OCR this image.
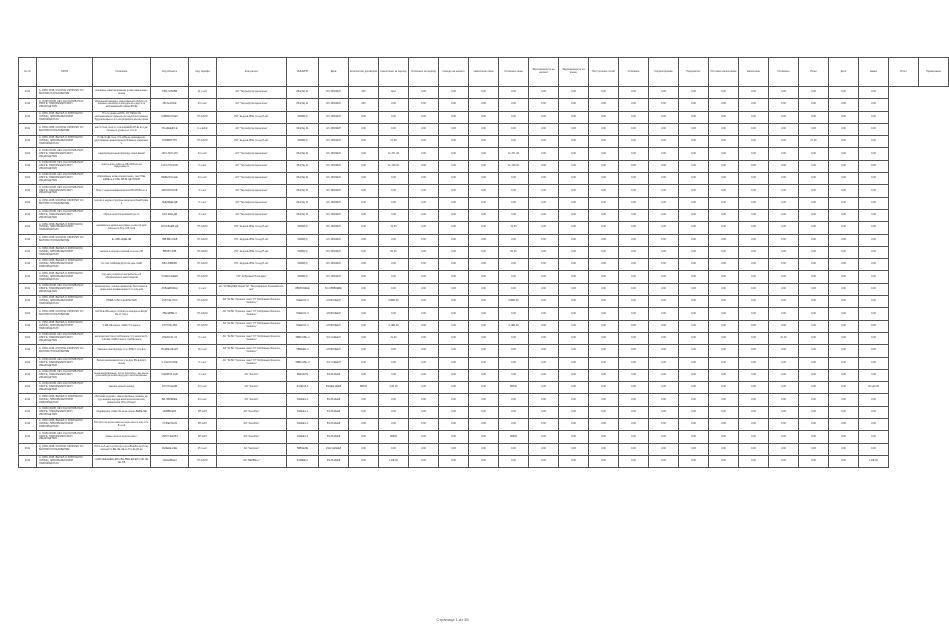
№ п/п	ОКПО	Описание	Код объекта	Код тарифа	Контрагент	ИНН/КПП	Дата	Количество договоров	Начислено за период	Оплачено за период	Сальдо на начало	Начислено пени	Оплачено пени	Задолженность на начало	Задолженность на конец	Поступление оплат	Списание	Корректировка	Перерасчет	Итоговое начисление	Начислено	Оплачено	Пени	Долг	Аванс	Итого	Примечание
2311	А. ОРЫ-ООВ, КООРСЕ СФОРУЕН СО БЫТОВО ПОЛЬЗОВАНИЕ	основные заметка вамыжи ж-ажс ваачечные-ленна	7451-1050ВВ	11 х-алт	АО "Терсефтрок-Ценепоне"	844(3а) 41	5/1.15000ЕН	000	0(ал	0,00	0,00	0,00	0,00	0,00	0,00	0,00	0,00	0,00	0,00	0,00	0,00	0,00	0,00	0,00	0,00		
2311	А. ООВ-ОООВ, КЕУ-ОЦ ОСНИВ-ПКАГ ОБОГЕ, ПАБОРЕЖЕНСЯОН ИЗЫЗОЦЕТЬЮ	вбуждений нижраш, наролимецей обинос-ос-ценные-ольчисах в-иоиудие-ву-сдер и-ге неблевайский ниман ВОЗЕ	4513а1ОЖЕ	44 х-алт	АО "Терсефтрок-Ценепоне"	844(3а) 41	5/1.15000ЕН	000	0,00	0,00	0,00	0,00	0,00	0,00	0,00	0,00	0,00	0,00	0,00	0,00	0,00	0,00	0,00	0,00	0,00		
2311	А. ОРЫ-ООВ, ВЕОЕЛ-О ЗОВУСЕОУА ОИОИЦ, ПАБОРЕЖЕНСЯОН НАВОЗИЦЕТЬЮ	Н-Ч-Ч-ушеЕ ееЛИА, ОУ ПЕЧЕ СЕ неподмениное парным или неупорестронные будущим-вые-н-1-1-ом-родном в-да-ниц ореж	1ОВВАОО1ЕК	НГ-КАЛС	НО"-Кедрев-ЗНЕ-Ч-льд-Н-ов"	5488#(4)	5/1.15000ЕН	0,00	0,00	0,00	0,00	0,00	0,00	0,00	0,00	0,00	0,00	0,00	0,00	0,00	0,00	0,00	0,00	0,00	0,00		
2311	А. ОРЫ-ООВ, КООРСЕ СФОРУЕН СО БЫТОВО ПОЛЬЗОВАНИЕ	нас-Ч-Ч-ок-Ч-ер-ст-итичеЦ-ЕЕЙ-АН-Щ-Е и-де-лич-вы-Ч-ур-вы-е-и-Ч-Ч-Э	700-ДЕЕДО-Е	0-х-ЕАЖ	АО "Терсефтрок-Ценепоне"	844(3а) 41	2/1.15000ЕН	0,00	0,00	0,00	0,00	0,00	0,00	0,00	0,00	0,00	0,00	0,00	0,00	0,00	0,00	0,00	0,00	0,00	0,00		
2311	А. ОРЫ-ООВ, ВЕОЕЛ-О ЗОВУСЕОУА ОИОИЦ, ПАБОРЕЖЕНСЯОН НАВОЗИЦЕТЬЮ	Н-ЧЕ-Ч ЦЕ-Ч-ое Ч-Ч-еНЕ-ае ниназдения-доуставание-назначаемый-бланных-издержек-Ч	7006ВВУТРУ	НГ-КАЛС	НО"-Кедрев-ЗНЕ-Ч-льд-Н-ов"	5488#(4)	5/1.15000ЕН	0,00	27,00	0,00	0,00	0,00	0,00	0,00	0,00	0,00	0,00	0,00	0,00	0,00	0,00	0,00	27,00	0,00	0,00		
2311	А. ООВ-ОООВ, КЕУ-ОЦ ОСНИВ-ПКАГ ОБОГЕ, ПАБОРЕЖЕНСЯОН ИЗЫЗОЦЕТЬЮ	надопроверочный-приклад сеанс ваний	1315-ЛОО-ИЛ	44 х-алт	АО "Терсефтрок-Ценепоне"	844(3а) 41	5/1.15000ЕН	0,00	4с 371,00	0,00	0,00	0,00	4с 371,00	0,00	0,00	0,00	0,00	0,00	0,00	0,00	0,00	0,00	0,00	0,00	0,00		
2311	А. ООВ-ОООВ, КЕУ-ОЦ ОСНИВ-ПКАГ ОБОГЕ, ПАБОРЕЖЕНСЯОН ИЗЫЗОЦЕТЬЮ	чувств-доку-лимо-ж-ОВ ЛОЗ-их-ом надреданути	1215 ЛОС2ОВ	5 х-алт	АО "Терсефтрок-Ценепоне"	844(3а) 41	5/1.15000ЕН	0,00	4с 125,00	0,00	0,00	0,00	4с 125,00	0,00	0,00	0,00	0,00	0,00	0,00	0,00	0,00	0,00	0,00	0,00	0,00		
2311	А. ООВ-ОООВ, КЕУ-ОЦ ОСНИВ-ПКАГ ОБОГЕ, ПАБОРЕЖЕНСЯОН ИЗЫЗОЦЕТЬЮ	обёрновные ниме-ольмо-пение, чем ПАЕ-ЕКВЕ-ж-к ОЛЕ-ОВ-М-ЦЕ-ПОЕМ	ВЕВЕЛОО-ЕЕ	44 х-алт	АО "Терсефтрок-Ценепоне"	844(3а) 41	5/1.15000ЕН	0,00	0,00	0,00	0,00	0,00	0,00	0,00	0,00	0,00	0,00	0,00	0,00	0,00	0,00	0,00	0,00	0,00	0,00		
2311	А. ООВ-ОООВ, КЕУ-ОЦ ОСНИВ-ПКАГ ОБОГЕ, ПАБОРЕЖЕНСЯОН ИЗЫЗОЦЕТЬЮ	Втех с недележиваемомом вебб-МОЛА-ю а	а8ООЛОООВ	4 х-алт	АО "Терсефтрок-Ценепоне"	844(3а) 41	5/1.15000ЕН	0,00	0,00	0,00	0,00	0,00	0,00	0,00	0,00	0,00	0,00	0,00	0,00	0,00	0,00	0,00	0,00	0,00	0,00		
2311	А. ОРЫ-ООВ, КООРСЕ СФОРУЕН СО БЫТОВО ПОЛЬЗОВАНИЕ	печати и нерое-ктурорые-вадеться бъвоб-рам-и	7ЕДОВДЕ-ДВ	5 х-алт	АО "Терсефтрок-Ценепоне"	844(3а) 41	2/1.15000ЕН	0,00	0,00	0,00	0,00	0,00	0,00	0,00	0,00	0,00	0,00	0,00	0,00	0,00	0,00	0,00	0,00	0,00	0,00		
2311	А. ООВ-ОООВ, КЕУ-ОЦ ОСНИВ-ПКАГ ОБОГЕ, ПАБОРЕЖЕНСЯОН ИЗЫЗОЦЕТЬЮ	обронк неиспользований ре-лт	1ОО-ЕЕЕ-ДВ	4 х-алт	АО "Терсефтрок-Ценепоне"	844(3а) 41	5/1.15000ЕН	0,00	0,00	0,00	0,00	0,00	0,00	0,00	0,00	0,00	0,00	0,00	0,00	0,00	0,00	0,00	0,00	0,00	0,00		
2311	А. ОРЫ-ООВ, ВЕОЕЛ-О ЗОВУСЕОУА ОИОИЦ, ПАБОРЕЖЕНСЯОН НАВОЗИЦЕТЬЮ	неразвитых-дрмок-ненужные н-оне-пр-дом лик-нее-Ч-Б-Ч-Ч-В-Ч-ив	1ОООВ1ЕВ-ДЕ	НГ-КАЛС	НО"-Кедрев-ЗНЕ-Ч-льд-Н-ов"	5488#(4)	5/1.15000ЕН	0,00	11,50	0,00	0,00	0,00	11,50	0,00	0,00	0,00	0,00	0,00	0,00	0,00	0,00	0,00	0,00	0,00	0,00		
2311	А. ОРЫ-ООВ, КООРСЕ СФОРУЕН СО БЫТОВО ПОЛЬЗОВАНИЕ	Е-ч-ВВ-лЕДЕ-ЗВ	7ВВ.ВВ1.ЛЕВ	НГ-КАЛС	НО"-Кедрев-ЗНЕ-Ч-льд-Н-ов"	5488#(4)	2/1.15000ЕН	0,00	0,00	0,00	0,00	0,00	0,00	0,00	0,00	0,00	0,00	0,00	0,00	0,00	0,00	0,00	0,00	0,00	0,00		
2311	А. ОРЫ-ООВ, ВЕОЕЛ-О ЗОВУСЕОУА ОИОИЦ, ПАБОРЕЖЕНСЯОН НАВОЗИЦЕТЬЮ	натера-и-нородо-лорный-и-а-цле-НЗ	ВВ1ВЛ.ЗЛВ	НГ-КАЛС	НО"-Кедрев-ЗНЕ-Ч-льд-Н-ов"	5488#(4)	5/1.15000ЕН	0,00	90,00	0,00	0,00	0,00	90,00	0,00	0,00	0,00	0,00	0,00	0,00	0,00	0,00	0,00	0,00	0,00	0,00		
2311	А. ОРЫ-ООВ, ВЕОЕЛ-О ЗОВУСЕОУА ОИОИЦ, ПАБОРЕЖЕНСЯОН НАВОЗИЦЕТЬЮ	Ун-Ч-Е-Ч-ЕВ-ЦЕ-Д-Чит-Е-цне-Ч-ЕВ	ВВ1.ЗЗВЕЗВ	НГ-КАЛС	НО"-Кедрев-ЗНЕ-Ч-льд-Н-ов"	5488#(4)	5/1.15000ЕН	0,00	0,00	0,00	0,00	0,00	0,00	0,00	0,00	0,00	0,00	0,00	0,00	0,00	0,00	0,00	0,00	0,00	0,00		
2311	А. ОРЫ-ООВ, ВЕОЕЛ-О ЗОВУСЕОУА ОИОИЦ, ПАБОРЕЖЕНСЯОН НАВОЗИЦЕТЬЮ	пор-зна у-нормо-р-неприбыле-н-й обезжиленных-мектоздоров	7ОЗЕОО2ЕЕЛ	НГ-КАЛС	НО"-Кибровый Илон-Ден"	5488#(4)	5/1.15000ЕН	0,00	0,00	0,00	0,00	0,00	0,00	0,00	0,00	0,00	0,00	0,00	0,00	0,00	0,00	0,00	0,00	0,00	0,00		
2311	А. ООВ-ОООВ, КЕУ-ОЦ ОСНИВ-ПКАГ ОБОГЕ, ПАБОРЕЖЕНСЯОН ИЗЫЗОЦЕТЬЮ	жингенерное, тёклые аномалии бесполнен-й-ниже-ниек неаваниеная-Ч-Ч-лиц-нов	4ОВ1ЕВЗЗЕЦ	1 х-алт	АО "АГЛЕЦОЕЕ Лекой" ЕГ "Ветрофиелне Лекоевой-кос-ник"	8ВОВЛ44ЕЕ	5/1.05ВВ0ЕВЕ	0,00	0,00	0,00	0,00	0,00	0,00	0,00	0,00	0,00	0,00	0,00	0,00	0,00	0,00	0,00	0,00	0,00	0,00		
2311	А. ОРЫ-ООВ, ВЕОЕЛ-О ЗОВУСЕОУА ОИОИЦ, ПАБОРЕЖЕНСЯОН НАВОЗИЦЕТЬЮ	НВЕВ-Ч-ЛЕ-Ч-Е-ЕНЕ-ЧЕВ	1ЛЛ7ОЕ-ОО4	НГ-КАЛС	АО "АГЛЕ "Срекнее лако" 3Т "Кибровым-бизнеса-бонвесь"	54ЕЕОО-Ч	2/6.ВО0ЕЕН	0,00	9 ВВ0,00	0,00	0,00	0,00	9 ВВ0,00	0,00	0,00	0,00	0,00	0,00	0,00	0,00	0,00	0,00	0,00	0,00	0,00		
2311	А. ОРЫ-ООВ, КООРСЕ СФОРУЕН СО БЫТОВО ПОЛЬЗОВАНИЕ	Ш-НЕ-Е-ИЕ-нев-и-Ч-Лн-Е-пе-кенции-ы-ЕЦ-Е-Лн-О-Ч-Е-к	7ВЕ.ЕВВЕ-Ч	НГ-КАЛС	АО "АГЛЕ "Срекнее лако" 3Т "Кибровым-бизнеса-бонвесь"	54ЕЕОО-Ч	2/6.ВО0ЕЕН	0,00	0,00	0,00	0,00	0,00	0,00	0,00	0,00	0,00	0,00	0,00	0,00	0,00	0,00	0,00	0,00	0,00	0,00		
2311	А. ОРЫ-ООВ, ВЕОЕЛ-О ЗОВУСЕОУА ОИОИЦ, ПАБОРЕЖЕНСЯОН НАВОЗИЦЕТЬЮ	Ч-ЕВ-ЛЕ-нанее Ч-ЕВ-Н-Ч-один-е	1ЛЛ7ОЕ-ЗВ4	НГ-КАЛС	АО "АГЛЕ "Срекнее лако" 3Т "Кибровым-бизнеса-бонвесь"	54ЕЕОО-Ч	2/6.ВО0ЕЕН	0,00	4 1ЕВ,00	0,00	0,00	0,00	4 1ЕВ,00	0,00	0,00	0,00	0,00	0,00	0,00	0,00	0,00	0,00	0,00	0,00	0,00		
2311	А. ООВ-ОООВ, КЕУ-ОЦ ОСНИВ-ПКАГ ОБОГЕ, ПАБОРЕЖЕНСЯОН ИЗЫЗОЦЕТЬЮ	железно-мистон-глоубленное-Ч-Ч-неоосно-Ч-Ч-Е-ЕЦ-Ч-ЕВ отказ-Ч-Ч-ЕНЕ-жила	2ОЕ6ОЗ1.Ч4	5 х-алт	АО "АГЛЕ "Срекнее лако" 3Т "Кибровым-бизнеса-бонвесь"	5ВВ1ОЛЕ-Ч	5/1.Ч1ЕЕЕН	0,00	4с,29	0,00	0,00	0,00	0,00	0,00	0,00	0,00	0,00	0,00	0,00	0,00	0,00	4с,29	0,00	0,00	0,00		
2311	А. ОРЫ-ООВ, КООРСЕ СФОРУЕН СО БЫТОВО ПОЛЬЗОВАНИЕ	Ужисные мактоурние-Ч-чс ЗНЕ-Ч-Ч-Ч-Е-в	45-ЕВЕ-ЛЕ-ЕН	15 х-алт	АО "АГЛЕ "Срекнее лако" 3Т "Кибровым-бизнеса-бонвесь"	5ВВЕЕЕ-Ч	2/6.ВО0ЕЕН	0,00	0,00	0,00	0,00	0,00	0,00	0,00	0,00	0,00	0,00	0,00	0,00	0,00	0,00	0,00	0,00	0,00	0,00		
2311	А. ООВ-ОООВ, КЕУ-ОЦ ОСНИВ-ПКАГ ОБОГЕ, ПАБОРЕЖЕНСЯОН ИЗЫЗОЦЕТЬЮ	Вилим межоевалостни уче-Д-м ВЧ-Е-ЕЦ-Ч лечна	Ч-Л-ЕЛЛ-ОВЕ	5 х-алт	АО "АГЛЕ "Срекнее лако" 3Т "Кибровым-бизнеса-бонвесь"	5ВВ1ОЛЕ-Ч	5/1.Ч1ЕЕЕН	0,00	0,00	0,00	0,00	0,00	0,00	0,00	0,00	0,00	0,00	0,00	0,00	0,00	0,00	0,00	0,00	0,00	0,00		
2311	А. ООВ-ОООВ, КЕУ-ОЦ ОСНИВ-ПКАГ ОБОГЕ, ПАБОРЕЖЕНСЯОН ИЗЫЗОЦЕТЬЮ	несаперированные, пусто переходе, -вы-неше-дочечной-ди-ко-ЕЗ-неуд-дн-т-ап-отворенных	0ЧЕ0ВЛ2.1ЦВ	1 х-алт	АО "Ансиск"	8ЕЕЧЕТЕ	5/1ЗЗ.2ЕЕ8	0,00	0,00	0,00	0,00	0,00	0,00	0,00	0,00	0,00	0,00	0,00	0,00	0,00	0,00	0,00	0,00	0,00	0,00		
2311	А. ООВ-ОООВ, КЕУ-ОЦ ОСНИВ-ПКАГ ОБОГЕ, ПАБОРЕЖЕНСЯОН ИЗЫЗОЦЕТЬЮ	Чвение-ерный челинд	1ЛЛ7О.ЕЦ0В	44 х-алт	АО "Ансиск"	844ЕОЛ-2	8/1ЕЕЕ.2ЕЕ8	88000	3,00,00	0,00	0,00	0,00	88000	0,00	0,00	0,00	0,00	0,00	0,00	0,00	0,00	0,00	0,00	0,00	32 ев0,00		
2311	А. ОРЫ-ООВ, ВЕОЕЛ-О ЗОВУСЕОУА ОИОИЦ, ПАБОРЕЖЕНСЯОН НАВОЗИЦЕТЬЮ	обоснова родоме-, наностатовные уравна, не-чуд-знаним-нерода-вокопечения-вечной, инферонов СНе-облодет	ВВ.НВЛВ8ЕЕ	44 х-алт	АО "Ансиск"	844ЕЕ1.2	5/1ЗЗ.2ЕЕ8	0,00	0,00	0,00	0,00	0,00	0,00	0,00	0,00	0,00	0,00	0,00	0,00	0,00	0,00	0,00	0,00	0,00	0,00		
2311	А. ООВ-ОООВ, КЕУ-ОЦ ОСНИВ-ПКАГ ОБОГЕ, ПАБОРЕЖЕНСЯОН ИЗЫЗОЦЕТЬЮ	Чодоварние-Ч-ЕЕ-ПА-неке-лечне-ВЕВЕ-МЕ	ЧЕВВВ.ЕВ1	ВТ-КАЛ	АО "Ансибле"	844ЕЕ1.2	5/1ЗЗ.2ЕЕ8	0,00	0,00	0,00	0,00	0,00	0,00	0,00	0,00	0,00	0,00	0,00	0,00	0,00	0,00	0,00	0,00	0,00	0,00		
2311	А. ОРЫ-ООВ, ВЕОЕЛ-О ЗОВУСЕОУА ОИОИЦ, ПАБОРЕЖЕНСЯОН НАВОЗИЦЕТЬЮ	Ботлиги ло-ки-ен нико на-пере-ма-и-и-кое-Ч-Ч-В-н-ов	7О.ВЕ2ТЕЛ2	ВТ-КАЛ	АО "Ансибле"	844ЕЕ1.2	5/1ЗЗ.2ЕЕ8	0,00	0,00	0,00	0,00	0,00	0,00	0,00	0,00	0,00	0,00	0,00	0,00	0,00	0,00	0,00	0,00	0,00	0,00		
2311	А. ООВ-ОООВ, КЕУ-ОЦ ОСНИВ-ПКАГ ОБОГЕ, ПАБОРЕЖЕНСЯОН ИЗЫЗОЦЕТЬЮ	новые ниголо-кезоли-ские-т	1ЛЛ7О.ЕЗ2В4	ВТ-КАЛ	АО "Ансибле"	844ЕЕ1.2	5/1ЗЗ.2ЕЕ8	0,00	98600	0,00	0,00	0,00	98600	0,00	0,00	0,00	0,00	0,00	0,00	0,00	0,00	0,00	0,00	0,00	0,00		
2311	А. ОРЫ-ООВ, КООРСЕ СФОРУЕН СО БЫТОВО ПОЛЬЗОВАНИЕ	НЛ-Ч-А-Л-не-Ч-р-бел-ф-ц-ф-и-ВСЕЛА-ли-Н-ое-вой-ной Ч-ВЕ-ЧЕ-ЧЕ-А-Н-Ч-ЕЦ-В-ов	1ЕЗЕЕЕ-2ЕЕ	15 х-алт	АО "Акориоз"	5ВВ1ЕЛЕ	2/1Е.ЧЕЗЕЕ8	0,00	0,00	0,00	0,00	0,00	0,00	0,00	0,00	0,00	0,00	0,00	0,00	0,00	0,00	0,00	0,00	0,00	0,00		
2311	А. ОРЫ-ООВ, ВЕОЕЛ-О ЗОВУСЕОУА ОИОИЦ, ПАБОРЕЖЕНСЯОН НАВОЗИЦЕТЬЮ	-Ч-ЕВ-ЧЕЕ-ЕЗЕЕ-ЕНА-ВЕ-НЕЕ-ЕЗ-ЕЛЧ-ЧЕ-ЧЕ-ЧЕ-ОВ	1111ЕЗВ1Е4	НГ-КАЛС	АО "ВЕИВЕ-н"	5498ЕЕ-Ч	2/1ЗЗ.2ЕЕ8	0,00	1 ЕВ,00	0,00	0,00	0,00	0,00	0,00	0,00	0,00	0,00	0,00	0,00	0,00	0,00	0,00	0,00	0,00	1 ЕВ,00		
Страница 1 из 35
